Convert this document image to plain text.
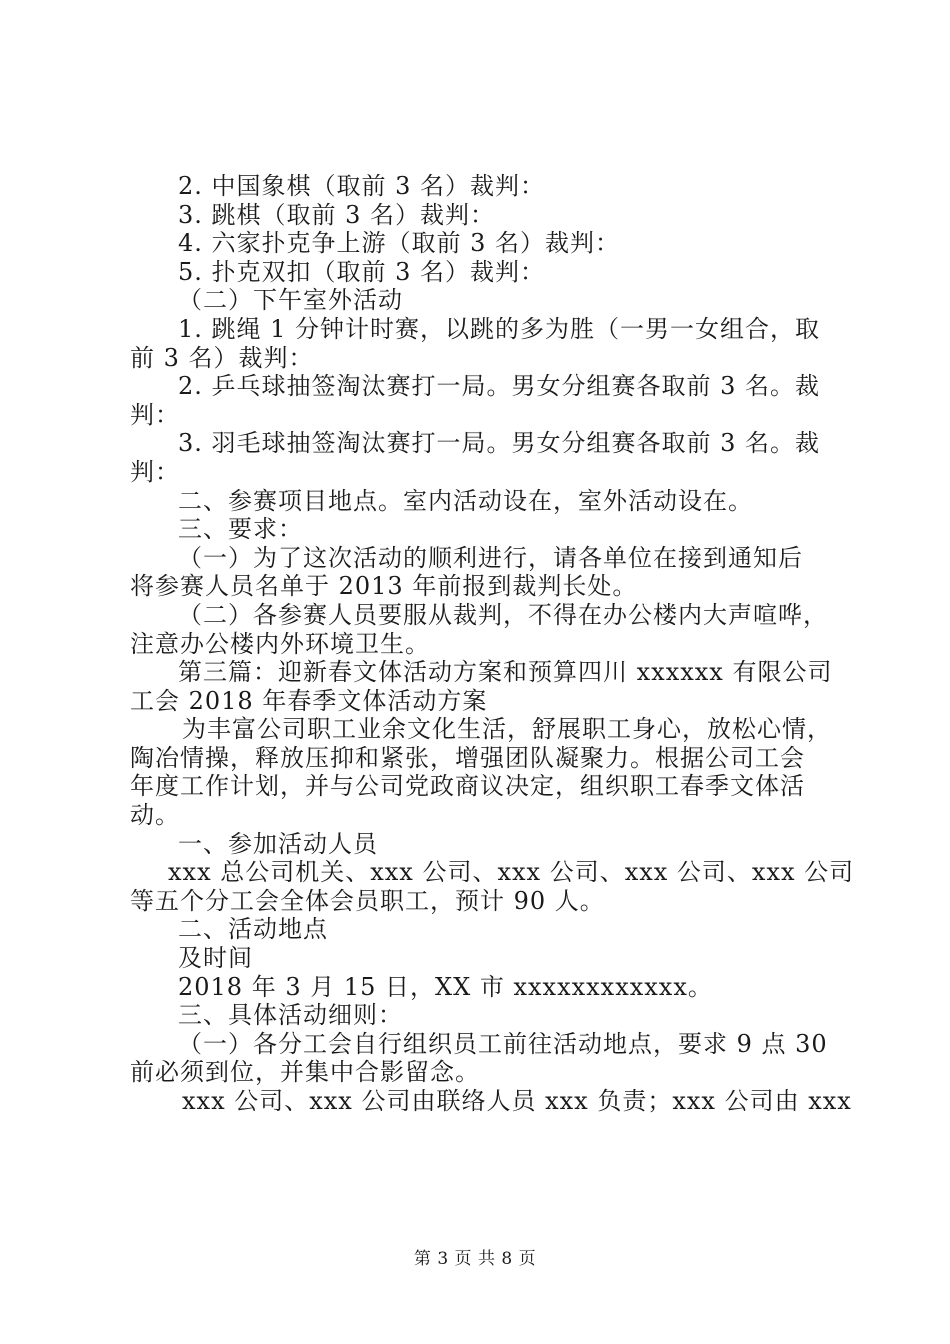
2. 中国象棋（取前 3 名）裁判：

3. 跳棋（取前 3 名）裁判：

4. 六家扑克争上游（取前 3 名）裁判：

5. 扑克双扣（取前 3 名）裁判：

（二）下午室外活动

1. 跳绳 1 分钟计时赛，以跳的多为胜（一男一女组合，取

前 3 名）裁判：

2. 乒乓球抽签淘汰赛打一局。男女分组赛各取前 3 名。裁

判：

3. 羽毛球抽签淘汰赛打一局。男女分组赛各取前 3 名。裁

判：

二、参赛项目地点。室内活动设在，室外活动设在。

三、要求：

（一）为了这次活动的顺利进行，请各单位在接到通知后

将参赛人员名单于 2013 年前报到裁判长处。

（二）各参赛人员要服从裁判，不得在办公楼内大声喧哗，

注意办公楼内外环境卫生。

第三篇：迎新春文体活动方案和预算四川 xxxxxx 有限公司

工会 2018 年春季文体活动方案

为丰富公司职工业余文化生活，舒展职工身心，放松心情，

陶冶情操，释放压抑和紧张，增强团队凝聚力。根据公司工会

年度工作计划，并与公司党政商议决定，组织职工春季文体活

动。

一、参加活动人员

xxx 总公司机关、xxx 公司、xxx 公司、xxx 公司、xxx 公司

等五个分工会全体会员职工，预计 90 人。

二、活动地点

及时间

2018 年 3 月 15 日，XX 市 xxxxxxxxxxxx。

三、具体活动细则：

（一）各分工会自行组织员工前往活动地点，要求 9 点 30

前必须到位，并集中合影留念。

xxx 公司、xxx 公司由联络人员 xxx 负责；xxx 公司由 xxx

第 3 页 共 8 页
